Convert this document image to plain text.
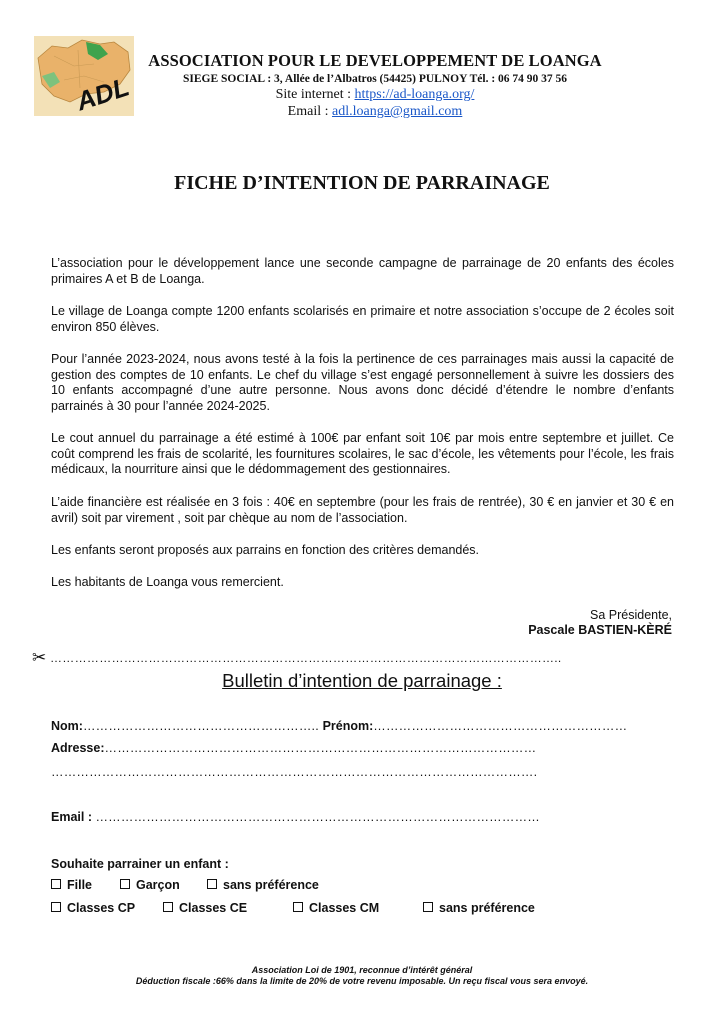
ADL
ASSOCIATION POUR LE DEVELOPPEMENT DE LOANGA
SIEGE SOCIAL : 3, Allée de l’Albatros (54425) PULNOY Tél. : 06 74 90 37 56
Site internet : https://ad-loanga.org/
Email : adl.loanga@gmail.com
FICHE D’INTENTION DE PARRAINAGE

L’association pour le développement lance une seconde campagne de parrainage de 20 enfants des écoles primaires A et B de Loanga.

Le village de Loanga compte 1200 enfants scolarisés en primaire et notre association s’occupe de 2 écoles soit environ 850 élèves.

Pour l’année 2023-2024, nous avons testé à la fois la pertinence de ces parrainages mais aussi la capacité de gestion des comptes de 10 enfants. Le chef du village s’est engagé personnellement à suivre les dossiers des 10 enfants accompagné d’une autre personne. Nous avons donc décidé d’étendre le nombre d’enfants parrainés à 30 pour l’année 2024-2025.

Le cout annuel du parrainage a été estimé à 100€ par enfant soit 10€ par mois entre septembre et juillet. Ce coût comprend les frais de scolarité, les fournitures scolaires, le sac d’école, les vêtements pour l’école, les frais médicaux, la nourriture ainsi que le dédommagement des gestionnaires.

L’aide financière est réalisée en 3 fois : 40€ en septembre (pour les frais de rentrée), 30 € en janvier et 30 € en avril) soit par virement , soit par chèque au nom de l’association.

Les enfants seront proposés aux parrains en fonction des critères demandés.

Les habitants de Loanga vous remercient.

Sa Présidente,
Pascale BASTIEN-KÈRÉ
✂ ……………………………………………………………………………………………………………..
Bulletin d’intention de parrainage :
Nom:……………………………………………….. Prénom:……………………………………………………
Adresse:…………………………………………………………………………………………
…………………………………………………………………………………………………….
Email : ……………………………………………………………………………………………
Souhaite parrainer un enfant :
Fille	Garçon	sans préférence
Classes CP	Classes CE	Classes CM	sans préférence
Association Loi de 1901, reconnue d’intérêt général
Déduction fiscale :66% dans la limite de 20% de votre revenu imposable. Un reçu fiscal vous sera envoyé.
